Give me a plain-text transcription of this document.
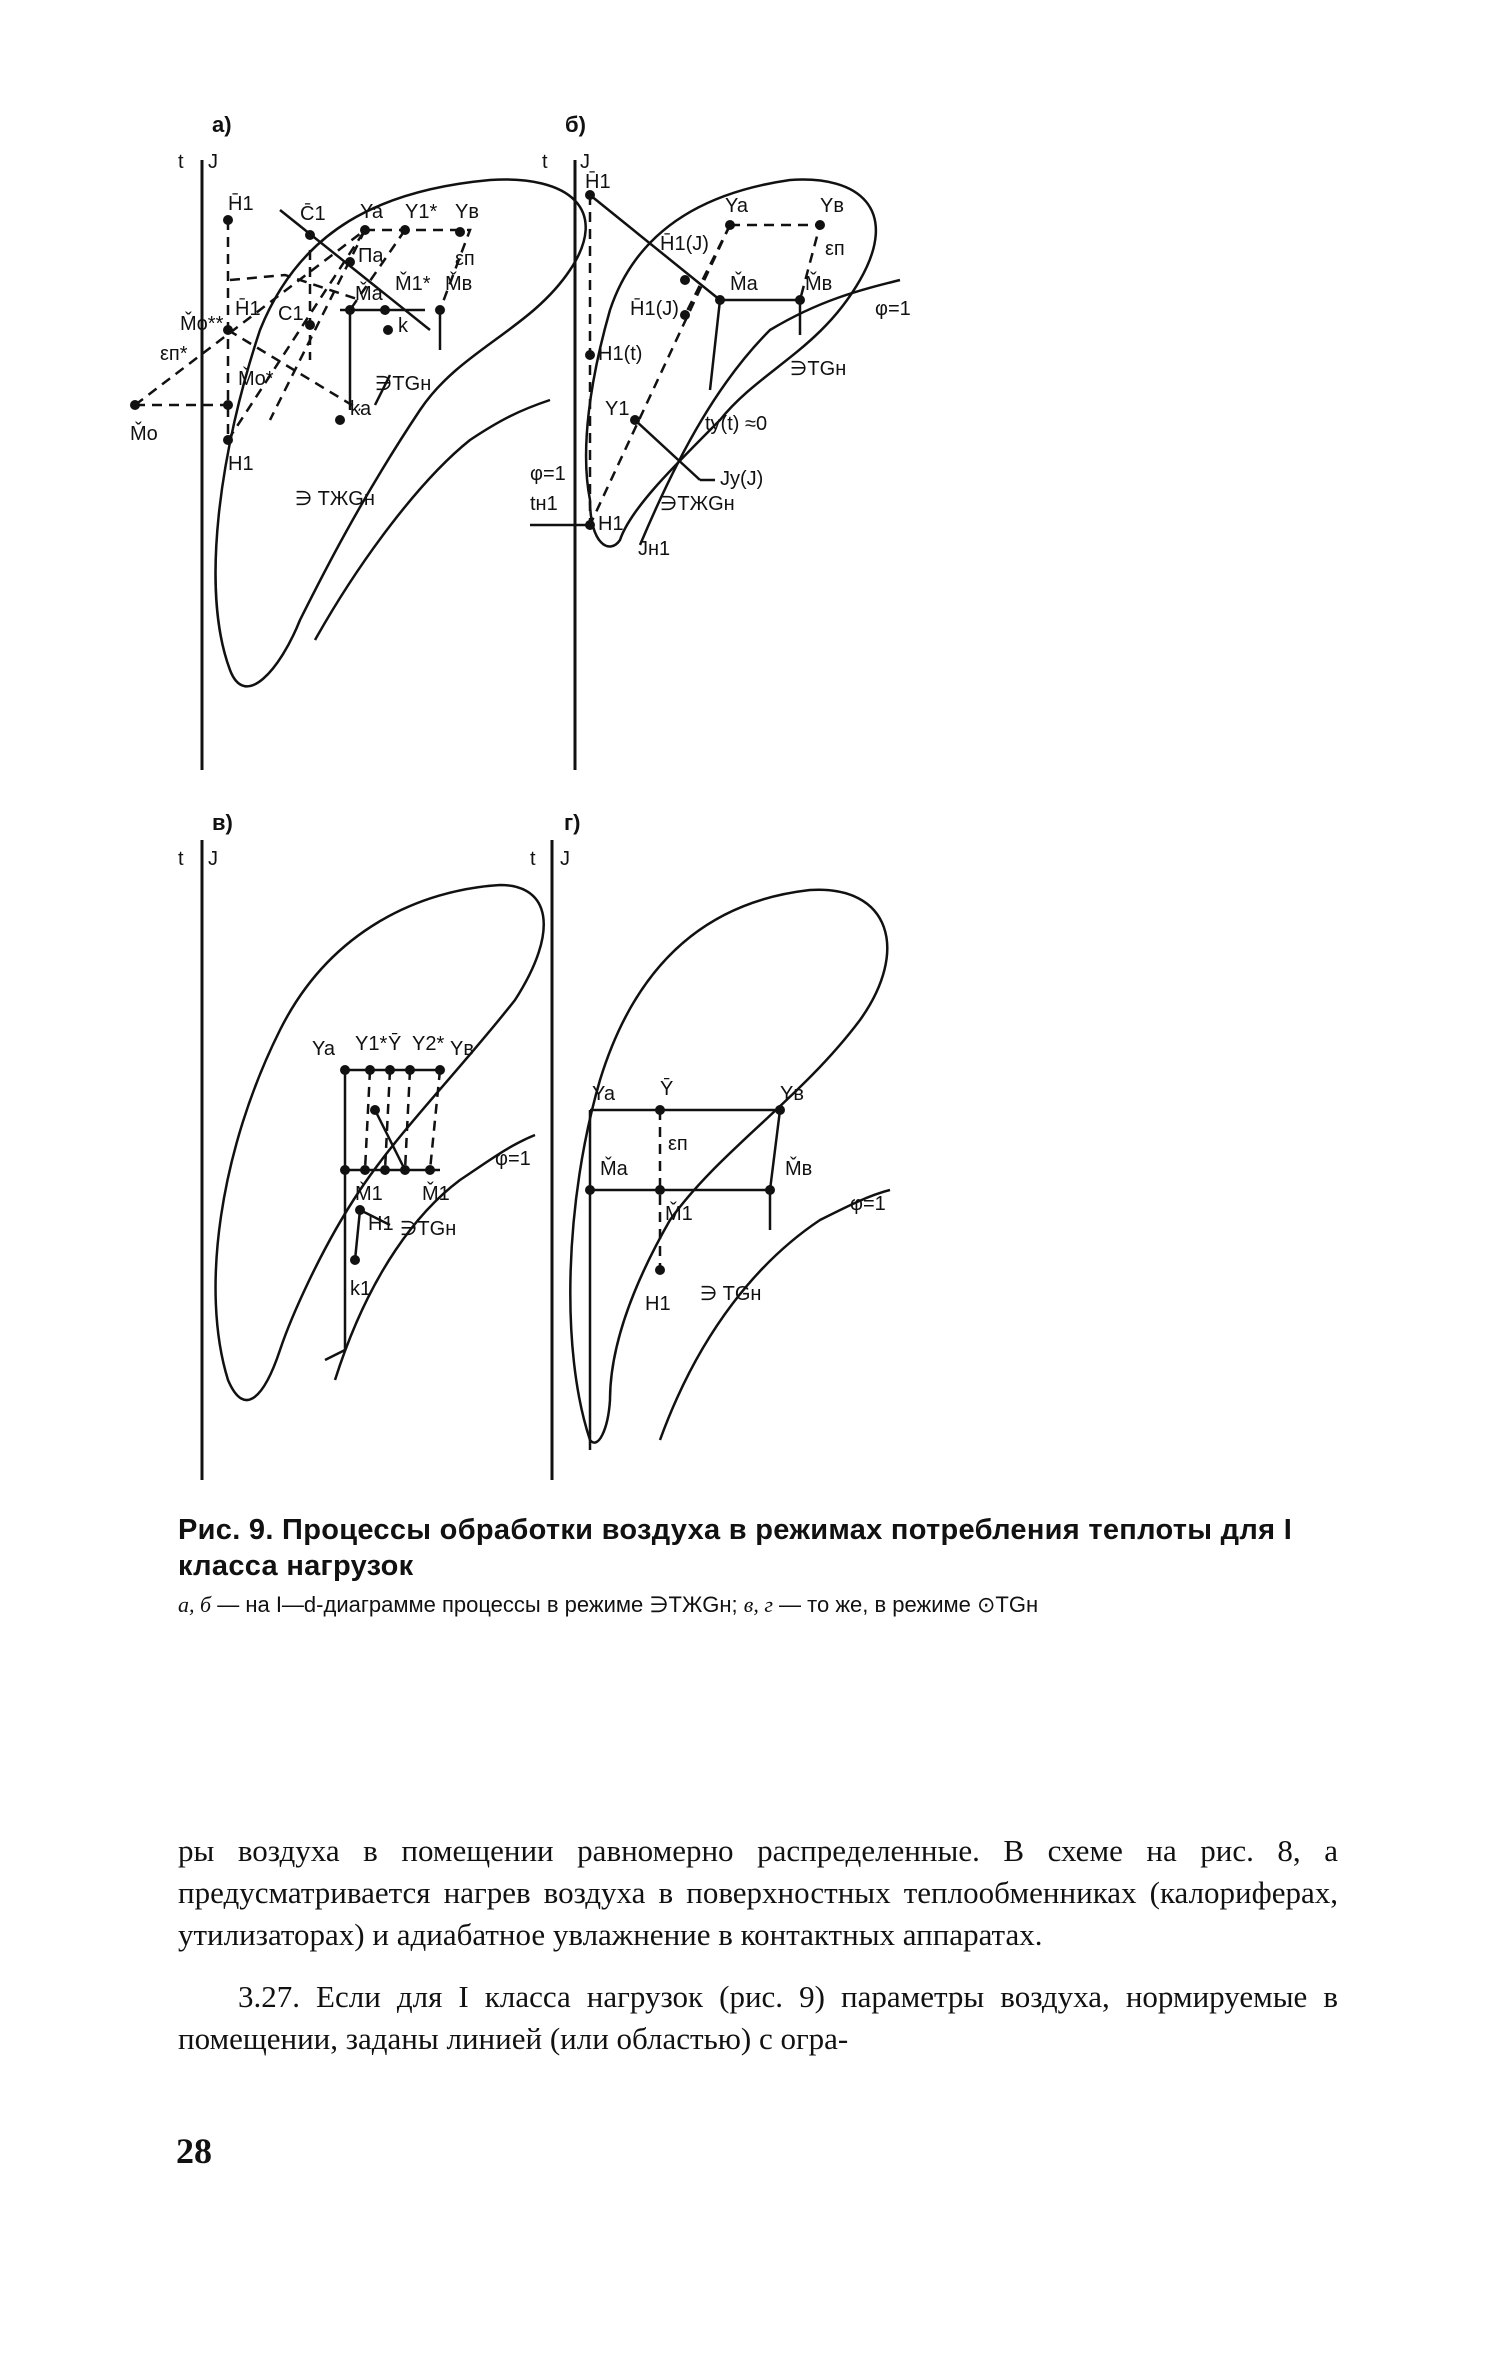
а)
t J
φ=1
H̄1 C̄1 Ya Y1* Yв
Пa	εп
M̌a M̌1* M̌в
k
H̄1 C1
M̌o**
εп*
M̌o*
M̌o
ka
H1
∋TGн
∋ TЖGн
б)
t J
φ=1
H̄1
Ya	Yв
H̄1(J)	εп
M̌a M̌в
H̄1(J)
H1(t)
Y1
ty(t) ≈0
Jy(J)
tн1
H1
Jн1
∋TGн
∋TЖGн
в)
t J
φ=1
Ya Y1* Ȳ Y2* Yв
M̌1 M̌1
H1
k1
∋TGн
г)
t J
φ=1
Ya Ȳ	Yв
εп
M̌a	M̌в
M̌1
H1 ∋ TGн
Рис. 9. Процессы обработки воздуха в режимах потребления теплоты для I класса нагрузок
а, б — на I—d-диаграмме процессы в режиме ∋TЖGн; в, г — то же, в режиме ⊙TGн

ры воздуха в помещении равномерно распределенные. В схеме на рис. 8, а предусматривается нагрев воздуха в поверхностных теплообменниках (калориферах, утилизаторах) и адиабатное увлажнение в контактных аппаратах.

3.27. Если для I класса нагрузок (рис. 9) параметры воздуха, нормируемые в помещении, заданы линией (или областью) с огра-

28
